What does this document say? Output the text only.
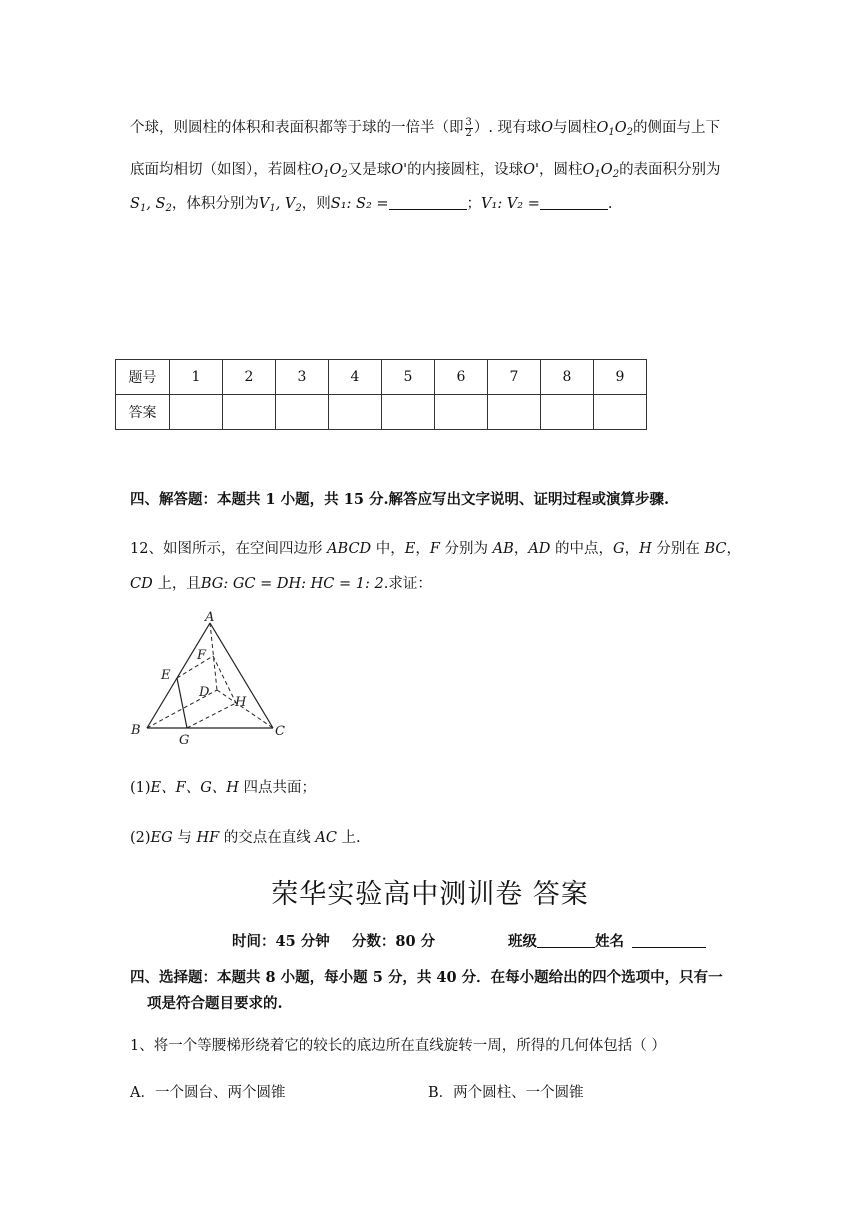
个球，则圆柱的体积和表面积都等于球的一倍半（即 $\frac{3}{2}$ ）. 现有球O与圆柱$O_1O_2$的侧面与上下
底面均相切（如图），若圆柱$O_1O_2$又是球O'的内接圆柱，设球O'，圆柱$O_1O_2$的表面积分别为
$S_1$, $S_2$，体积分别为$V_1$, $V_2$，则S₁: S₂ =	；V₁: V₂ =	.
题号	1	2	3	4	5	6	7	8	9
答案									
四、解答题：本题共 1 小题，共 15 分.解答应写出文字说明、证明过程或演算步骤.
12、如图所示，在空间四边形 ABCD 中，E，F 分别为 AB，AD 的中点，G，H 分别在 BC，
CD 上，且BG: GC = DH: HC = 1: 2.求证：
A
B	C
D
E
F
G
H
(1)E、F、G、H 四点共面；
(2)EG 与 HF 的交点在直线 AC 上.
荣华实验高中测训卷 答案
时间：45 分钟 分数：80 分	班级	姓名
四、选择题：本题共 8 小题，每小题 5 分，共 40 分．在每小题给出的四个选项中，只有一
项是符合题目要求的.
1、将一个等腰梯形绕着它的较长的底边所在直线旋转一周，所得的几何体包括（ ）
A．一个圆台、两个圆锥	B．两个圆柱、一个圆锥
